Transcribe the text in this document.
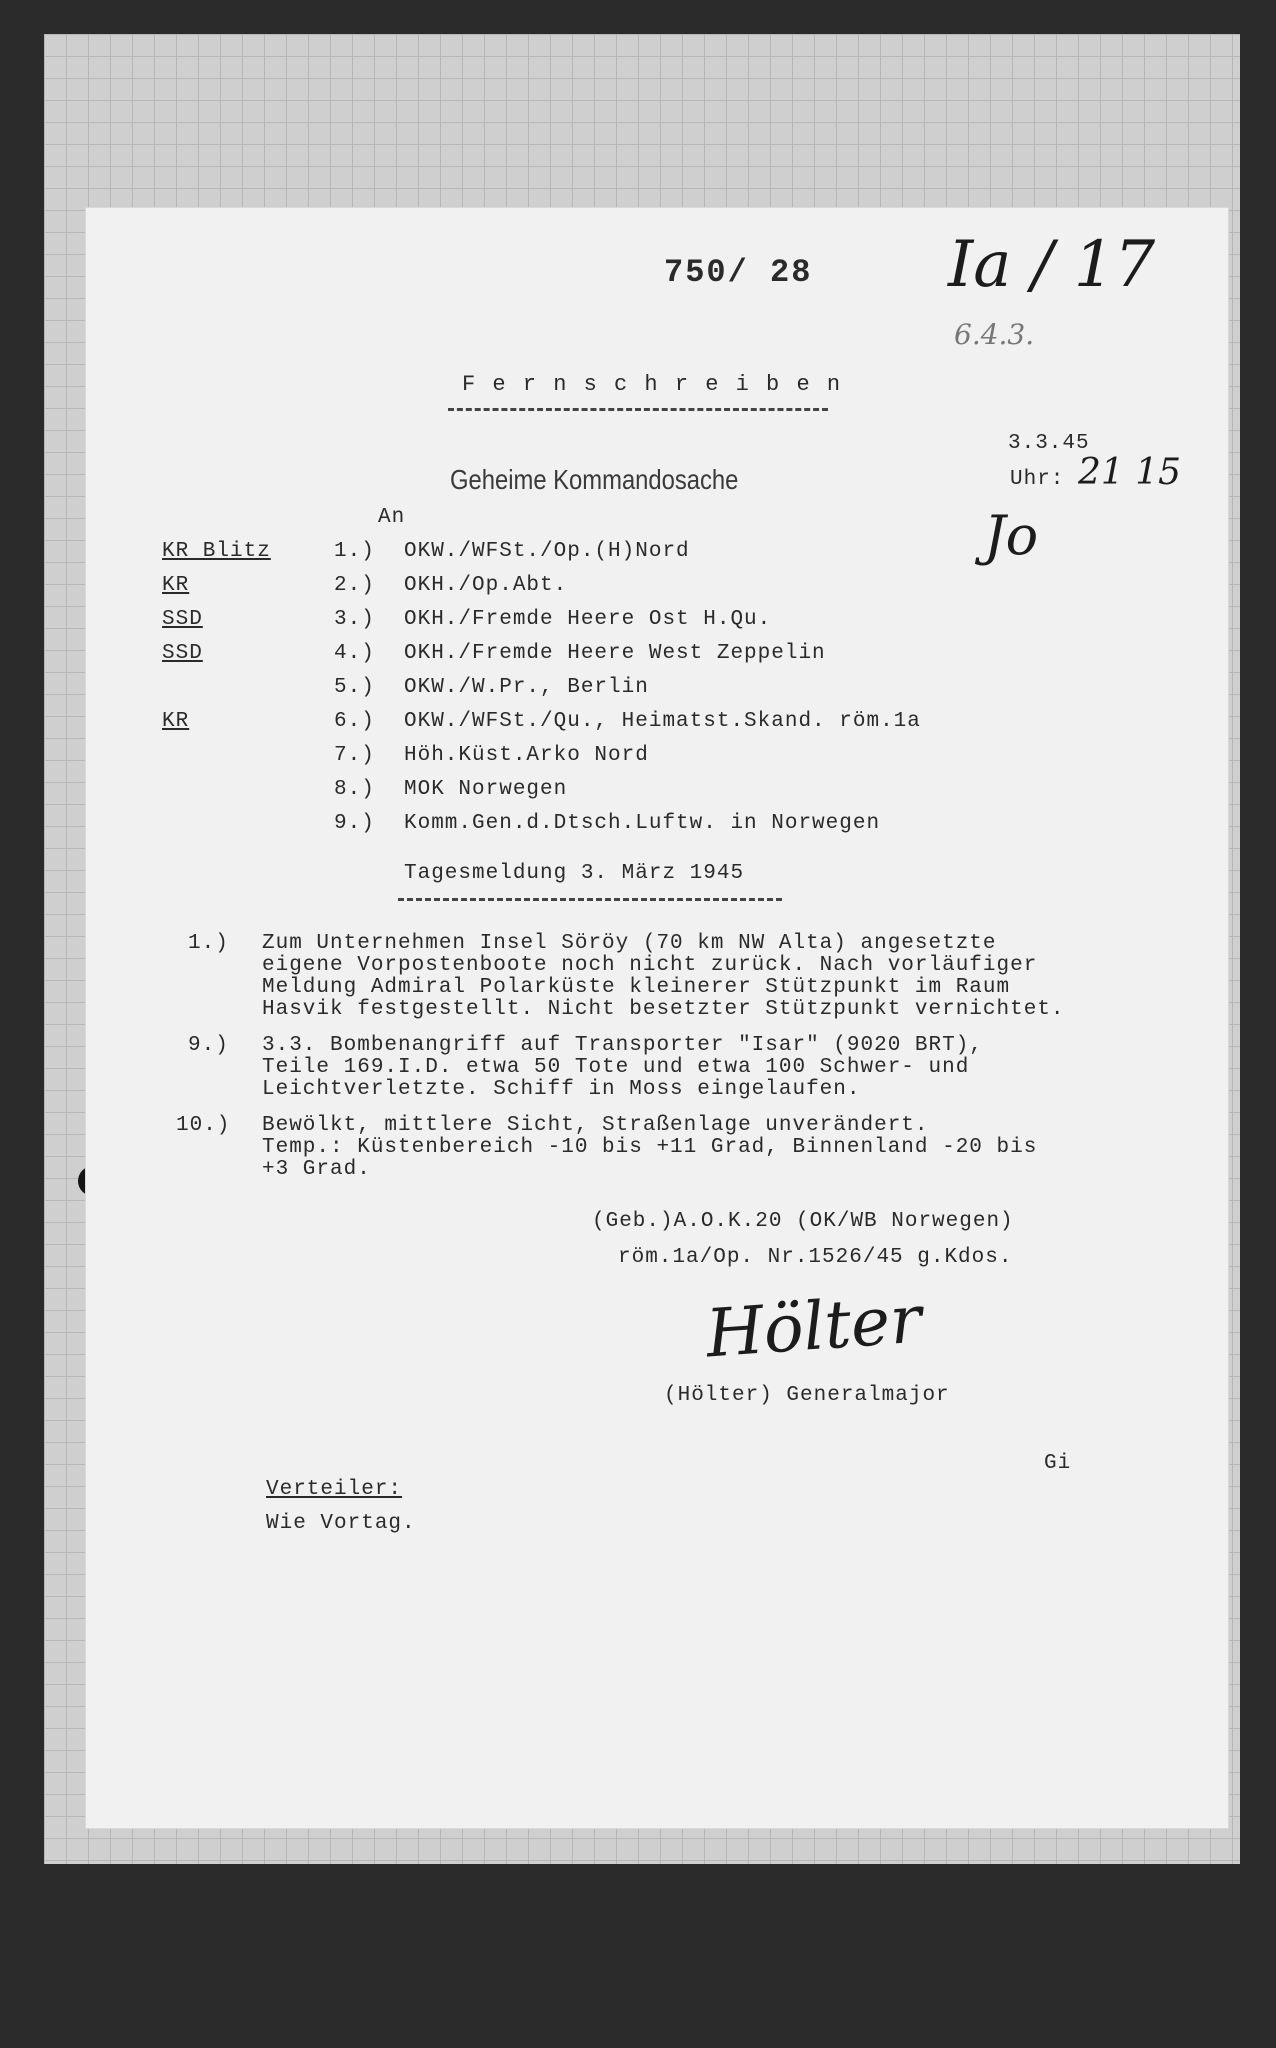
750/ 28 Ia / 17
6.4.3.
F e r n s c h r e i b e n
3.3.45
Uhr: 21 15
Jo
Geheime Kommandosache
An
KR Blitz	1.) OKW./WFSt./Op.(H)Nord
KR	2.) OKH./Op.Abt.
SSD	3.) OKH./Fremde Heere Ost H.Qu.
SSD	4.) OKH./Fremde Heere West Zeppelin
5.) OKW./W.Pr., Berlin
KR	6.) OKW./WFSt./Qu., Heimatst.Skand. röm.1a
7.) Höh.Küst.Arko Nord
8.) MOK Norwegen
9.) Komm.Gen.d.Dtsch.Luftw. in Norwegen
Tagesmeldung 3. März 1945
1.) Zum Unternehmen Insel Söröy (70 km NW Alta) angesetzte
eigene Vorpostenboote noch nicht zurück. Nach vorläufiger
Meldung Admiral Polarküste kleinerer Stützpunkt im Raum
Hasvik festgestellt. Nicht besetzter Stützpunkt vernichtet.
9.) 3.3. Bombenangriff auf Transporter "Isar" (9020 BRT),
Teile 169.I.D. etwa 50 Tote und etwa 100 Schwer- und
Leichtverletzte. Schiff in Moss eingelaufen.
10.) Bewölkt, mittlere Sicht, Straßenlage unverändert.
Temp.: Küstenbereich -10 bis +11 Grad, Binnenland -20 bis
+3 Grad.
(Geb.)A.O.K.20 (OK/WB Norwegen)
röm.1a/Op. Nr.1526/45 g.Kdos.
Hölter
(Hölter) Generalmajor
Gi
Verteiler:
Wie Vortag.
